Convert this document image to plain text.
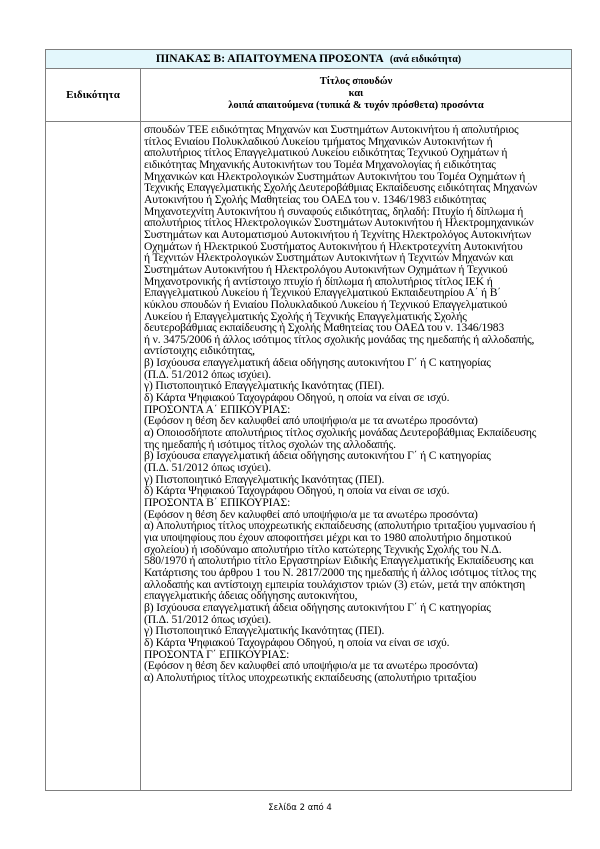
ΠΙΝΑΚΑΣ Β: ΑΠΑΙΤΟΥΜΕΝΑ ΠΡΟΣΟΝΤΑ (ανά ειδικότητα)
Ειδικότητα
Τίτλος σπουδών
και
λοιπά απαιτούμενα (τυπικά & τυχόν πρόσθετα) προσόντα
σπουδών ΤΕΕ ειδικότητας Μηχανών και Συστημάτων Αυτοκινήτου ή απολυτήριος
τίτλος Ενιαίου Πολυκλαδικού Λυκείου τμήματος Μηχανικών Αυτοκινήτων ή
απολυτήριος τίτλος Επαγγελματικού Λυκείου ειδικότητας Τεχνικού Οχημάτων ή
ειδικότητας Μηχανικής Αυτοκινήτων του Τομέα Μηχανολογίας ή ειδικότητας
Μηχανικών και Ηλεκτρολογικών Συστημάτων Αυτοκινήτου του Τομέα Οχημάτων ή
Τεχνικής Επαγγελματικής Σχολής Δευτεροβάθμιας Εκπαίδευσης ειδικότητας Μηχανών
Αυτοκινήτου ή Σχολής Μαθητείας του ΟΑΕΔ του ν. 1346/1983 ειδικότητας
Μηχανοτεχνίτη Αυτοκινήτου ή συναφούς ειδικότητας, δηλαδή: Πτυχίο ή δίπλωμα ή
απολυτήριος τίτλος Ηλεκτρολογικών Συστημάτων Αυτοκινήτου ή Ηλεκτρομηχανικών
Συστημάτων και Αυτοματισμού Αυτοκινήτου ή Τεχνίτης Ηλεκτρολόγος Αυτοκινήτων
Οχημάτων ή Ηλεκτρικού Συστήματος Αυτοκινήτου ή Ηλεκτροτεχνίτη Αυτοκινήτου
ή Τεχνιτών Ηλεκτρολογικών Συστημάτων Αυτοκινήτων ή Τεχνιτών Μηχανών και
Συστημάτων Αυτοκινήτου ή Ηλεκτρολόγου Αυτοκινήτων Οχημάτων ή Τεχνικού
Μηχανοτρονικής ή αντίστοιχο πτυχίο ή δίπλωμα ή απολυτήριος τίτλος ΙΕΚ ή
Επαγγελματικού Λυκείου ή Τεχνικού Επαγγελματικού Εκπαιδευτηρίου Α΄ ή Β΄
κύκλου σπουδών ή Ενιαίου Πολυκλαδικού Λυκείου ή Τεχνικού Επαγγελματικού
Λυκείου ή Επαγγελματικής Σχολής ή Τεχνικής Επαγγελματικής Σχολής
δευτεροβάθμιας εκπαίδευσης ή Σχολής Μαθητείας του ΟΑΕΔ του ν. 1346/1983
ή ν. 3475/2006 ή άλλος ισότιμος τίτλος σχολικής μονάδας της ημεδαπής ή αλλοδαπής,
αντίστοιχης ειδικότητας,
β) Ισχύουσα επαγγελματική άδεια οδήγησης αυτοκινήτου Γ΄ ή C κατηγορίας
(Π.Δ. 51/2012 όπως ισχύει).
γ) Πιστοποιητικό Επαγγελματικής Ικανότητας (ΠΕΙ).
δ) Κάρτα Ψηφιακού Ταχογράφου Οδηγού, η οποία να είναι σε ισχύ.
ΠΡΟΣΟΝΤΑ Α΄ ΕΠΙΚΟΥΡΙΑΣ:
(Εφόσον η θέση δεν καλυφθεί από υποψήφιο/α με τα ανωτέρω προσόντα)
α) Οποιοσδήποτε απολυτήριος τίτλος σχολικής μονάδας Δευτεροβάθμιας Εκπαίδευσης
της ημεδαπής ή ισότιμος τίτλος σχολών της αλλοδαπής.
β) Ισχύουσα επαγγελματική άδεια οδήγησης αυτοκινήτου Γ΄ ή C κατηγορίας
(Π.Δ. 51/2012 όπως ισχύει).
γ) Πιστοποιητικό Επαγγελματικής Ικανότητας (ΠΕΙ).
δ) Κάρτα Ψηφιακού Ταχογράφου Οδηγού, η οποία να είναι σε ισχύ.
ΠΡΟΣΟΝΤΑ Β΄ ΕΠΙΚΟΥΡΙΑΣ:
(Εφόσον η θέση δεν καλυφθεί από υποψήφιο/α με τα ανωτέρω προσόντα)
α) Απολυτήριος τίτλος υποχρεωτικής εκπαίδευσης (απολυτήριο τριταξίου γυμνασίου ή
για υποψηφίους που έχουν αποφοιτήσει μέχρι και το 1980 απολυτήριο δημοτικού
σχολείου) ή ισοδύναμο απολυτήριο τίτλο κατώτερης Τεχνικής Σχολής του Ν.Δ.
580/1970 ή απολυτήριο τίτλο Εργαστηρίων Ειδικής Επαγγελματικής Εκπαίδευσης και
Κατάρτισης του άρθρου 1 του Ν. 2817/2000 της ημεδαπής ή άλλος ισότιμος τίτλος της
αλλοδαπής και αντίστοιχη εμπειρία τουλάχιστον τριών (3) ετών, μετά την απόκτηση
επαγγελματικής άδειας οδήγησης αυτοκινήτου,
β) Ισχύουσα επαγγελματική άδεια οδήγησης αυτοκινήτου Γ΄ ή C κατηγορίας
(Π.Δ. 51/2012 όπως ισχύει).
γ) Πιστοποιητικό Επαγγελματικής Ικανότητας (ΠΕΙ).
δ) Κάρτα Ψηφιακού Ταχογράφου Οδηγού, η οποία να είναι σε ισχύ.
ΠΡΟΣΟΝΤΑ Γ΄ ΕΠΙΚΟΥΡΙΑΣ:
(Εφόσον η θέση δεν καλυφθεί από υποψήφιο/α με τα ανωτέρω προσόντα)
α) Απολυτήριος τίτλος υποχρεωτικής εκπαίδευσης (απολυτήριο τριταξίου
Σελίδα 2 από 4
